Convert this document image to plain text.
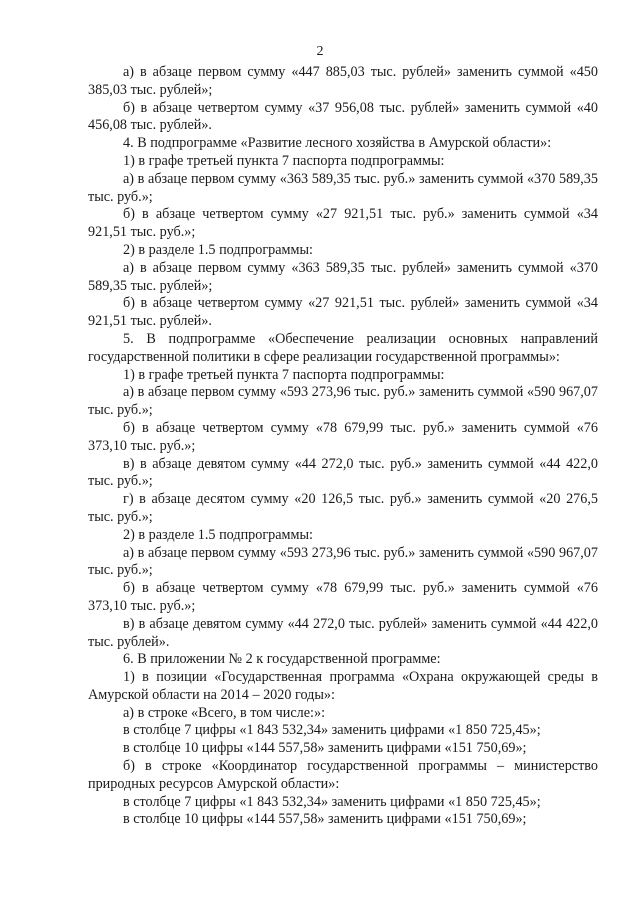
2

а) в абзаце первом сумму «447 885,03 тыс. рублей» заменить суммой «450 385,03 тыс. рублей»;

б) в абзаце четвертом сумму «37 956,08 тыс. рублей» заменить суммой «40 456,08 тыс. рублей».

4. В подпрограмме «Развитие лесного хозяйства в Амурской области»:

1) в графе третьей пункта 7 паспорта подпрограммы:

а) в абзаце первом сумму «363 589,35 тыс. руб.» заменить суммой «370 589,35 тыс. руб.»;

б) в абзаце четвертом сумму «27 921,51 тыс. руб.» заменить суммой «34 921,51 тыс. руб.»;

2) в разделе 1.5 подпрограммы:

а) в абзаце первом сумму «363 589,35 тыс. рублей» заменить суммой «370 589,35 тыс. рублей»;

б) в абзаце четвертом сумму «27 921,51 тыс. рублей» заменить суммой «34 921,51 тыс. рублей».

5. В подпрограмме «Обеспечение реализации основных направлений государственной политики в сфере реализации государственной программы»:

1) в графе третьей пункта 7 паспорта подпрограммы:

а) в абзаце первом сумму «593 273,96 тыс. руб.» заменить суммой «590 967,07 тыс. руб.»;

б) в абзаце четвертом сумму «78 679,99 тыс. руб.» заменить суммой «76 373,10 тыс. руб.»;

в) в абзаце девятом сумму «44 272,0 тыс. руб.» заменить суммой «44 422,0 тыс. руб.»;

г) в абзаце десятом сумму «20 126,5 тыс. руб.» заменить суммой «20 276,5 тыс. руб.»;

2) в разделе 1.5 подпрограммы:

а) в абзаце первом сумму «593 273,96 тыс. руб.» заменить суммой «590 967,07 тыс. руб.»;

б) в абзаце четвертом сумму «78 679,99 тыс. руб.» заменить суммой «76 373,10 тыс. руб.»;

в) в абзаце девятом сумму «44 272,0 тыс. рублей» заменить суммой «44 422,0 тыс. рублей».

6. В приложении № 2 к государственной программе:

1) в позиции «Государственная программа «Охрана окружающей среды в Амурской области на 2014 – 2020 годы»:

а) в строке «Всего, в том числе:»:

в столбце 7 цифры «1 843 532,34» заменить цифрами «1 850 725,45»;

в столбце 10 цифры «144 557,58» заменить цифрами «151 750,69»;

б) в строке «Координатор государственной программы – министерство природных ресурсов Амурской области»:

в столбце 7 цифры «1 843 532,34» заменить цифрами «1 850 725,45»;

в столбце 10 цифры «144 557,58» заменить цифрами «151 750,69»;
